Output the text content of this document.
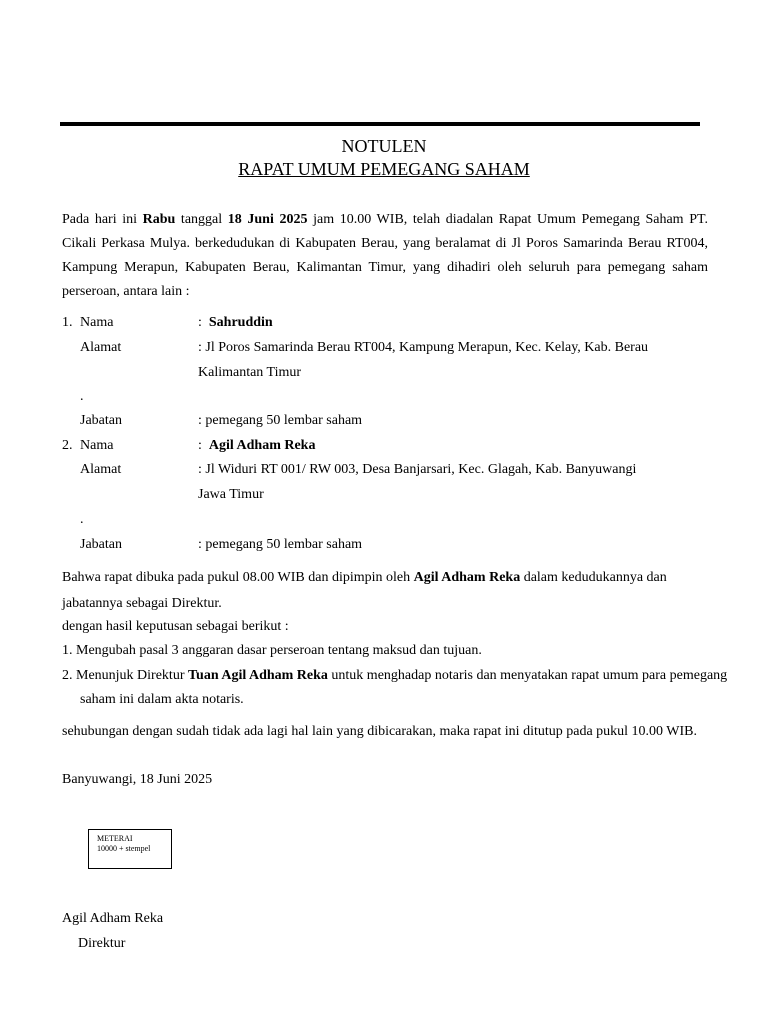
NOTULEN
RAPAT UMUM PEMEGANG SAHAM
Pada hari ini Rabu tanggal 18 Juni 2025 jam 10.00 WIB, telah diadalan Rapat Umum Pemegang Saham PT. Cikali Perkasa Mulya. berkedudukan di Kabupaten Berau, yang beralamat di Jl Poros Samarinda Berau RT004, Kampung Merapun, Kabupaten Berau, Kalimantan Timur, yang dihadiri oleh seluruh para pemegang saham perseroan, antara lain :
1. Nama	:  Sahruddin
Alamat	: Jl Poros Samarinda Berau RT004, Kampung Merapun, Kec. Kelay, Kab. Berau
Kalimantan Timur
.
Jabatan	: pemegang 50 lembar saham
2. Nama	:  Agil Adham Reka
Alamat	: Jl Widuri RT 001/ RW 003, Desa Banjarsari, Kec. Glagah, Kab. Banyuwangi
Jawa Timur
.
Jabatan	: pemegang 50 lembar saham
Bahwa rapat dibuka pada pukul 08.00 WIB dan dipimpin oleh Agil Adham Reka dalam kedudukannya dan
jabatannya sebagai Direktur.
dengan hasil keputusan sebagai berikut :
1. Mengubah pasal 3 anggaran dasar perseroan tentang maksud dan tujuan.
2. Menunjuk Direktur Tuan Agil Adham Reka untuk menghadap notaris dan menyatakan rapat umum para pemegang
saham ini dalam akta notaris.
sehubungan dengan sudah tidak ada lagi hal lain yang dibicarakan, maka rapat ini ditutup pada pukul 10.00 WIB.
Banyuwangi, 18 Juni 2025
METERAI
10000 + stempel
Agil Adham Reka
Direktur
